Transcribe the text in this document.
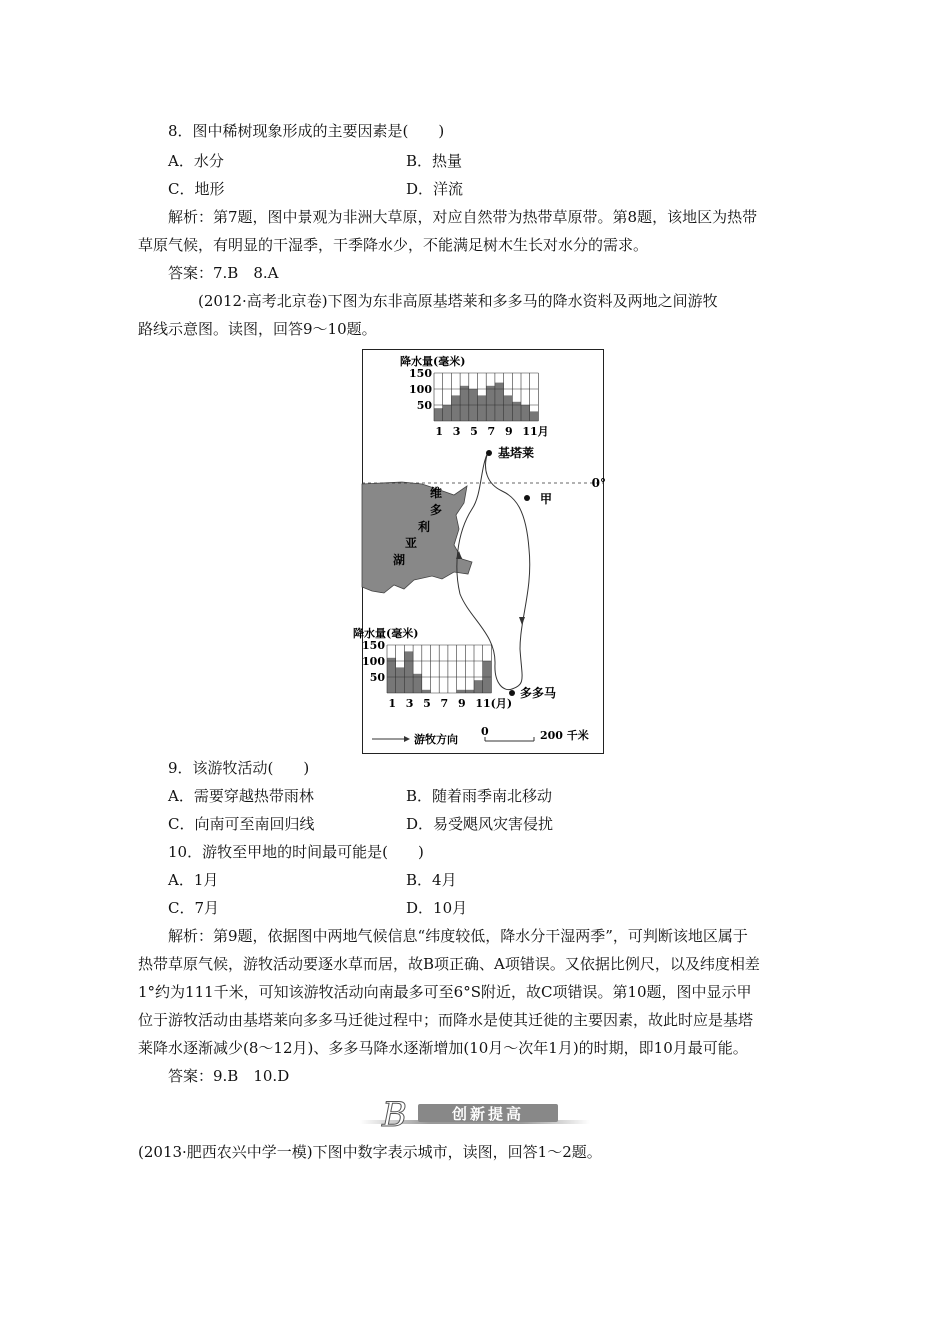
8．图中稀树现象形成的主要因素是(　　)
A．水分	B．热量
C．地形	D．洋流
解析：第7题，图中景观为非洲大草原，对应自然带为热带草原带。第8题，该地区为热带
草原气候，有明显的干湿季，干季降水少，不能满足树木生长对水分的需求。
答案：7.B　8.A
(2012·高考北京卷)下图为东非高原基塔莱和多多马的降水资料及两地之间游牧
路线示意图。读图，回答9～10题。
基塔莱
甲
0°
维
多
利
亚
湖
多多马
游牧方向
0	200 千米
降水量(毫米)
150
100
50
1 3 5 7 9 11月
降水量(毫米)
150
100
50
1 3 5 7 9 11(月)
9．该游牧活动(　　)
A．需要穿越热带雨林	B．随着雨季南北移动
C．向南可至南回归线	D．易受飓风灾害侵扰
10．游牧至甲地的时间最可能是(　　)
A．1月	B．4月
C．7月	D．10月
解析：第9题，依据图中两地气候信息“纬度较低，降水分干湿两季”，可判断该地区属于
热带草原气候，游牧活动要逐水草而居，故B项正确、A项错误。又依据比例尺，以及纬度相差
1°约为111千米，可知该游牧活动向南最多可至6°S附近，故C项错误。第10题，图中显示甲
位于游牧活动由基塔莱向多多马迁徙过程中；而降水是使其迁徙的主要因素，故此时应是基塔
莱降水逐渐减少(8～12月)、多多马降水逐渐增加(10月～次年1月)的时期，即10月最可能。
答案：9.B　10.D
B	创新提高
(2013·肥西农兴中学一模)下图中数字表示城市，读图，回答1～2题。
